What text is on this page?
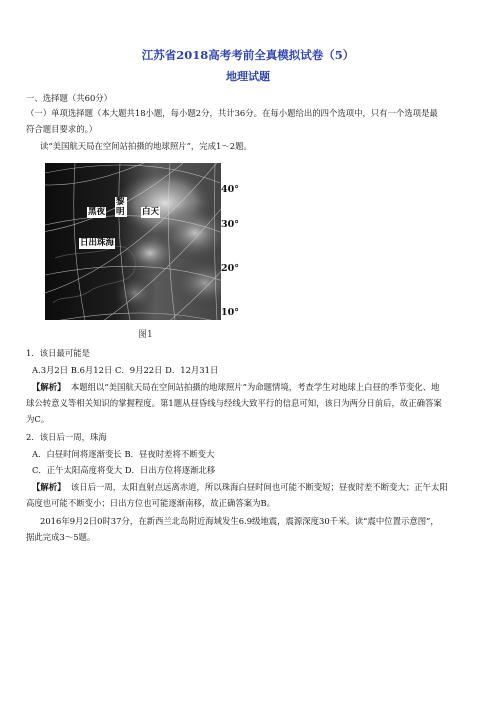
江苏省2018高考考前全真模拟试卷（5）
地理试题
一、选择题（共60分）
（一）单项选择题（本大题共18小题，每小题2分，共计36分。在每小题给出的四个选项中，只有一个选项是最
符合题目要求的。）
读“美国航天局在空间站拍摄的地球照片”，完成1～2题。
黑夜
黎明 白天
日出珠海
40°
30°
20°
10°
图1
1．该日最可能是
A.3月2日 B.6月12日 C．9月22日 D．12月31日
【解析】 本题组以“美国航天局在空间站拍摄的地球照片”为命题情境，考查学生对地球上白昼的季节变化、地
球公转意义等相关知识的掌握程度。第1题从昼昏线与经线大致平行的信息可知，该日为两分日前后，故正确答案
为C。
2．该日后一周，珠海
A．白昼时间将逐渐变长 B．昼夜时差将不断变大
C．正午太阳高度将变大 D．日出方位将逐渐北移
【解析】 该日后一周，太阳直射点远离赤道，所以珠海白昼时间也可能不断变短；昼夜时差不断变大；正午太阳
高度也可能不断变小；日出方位也可能逐渐南移，故正确答案为B。
2016年9月2日0时37分，在新西兰北岛附近海域发生6.9级地震，震源深度30千米。读“震中位置示意图”，
据此完成3～5题。
